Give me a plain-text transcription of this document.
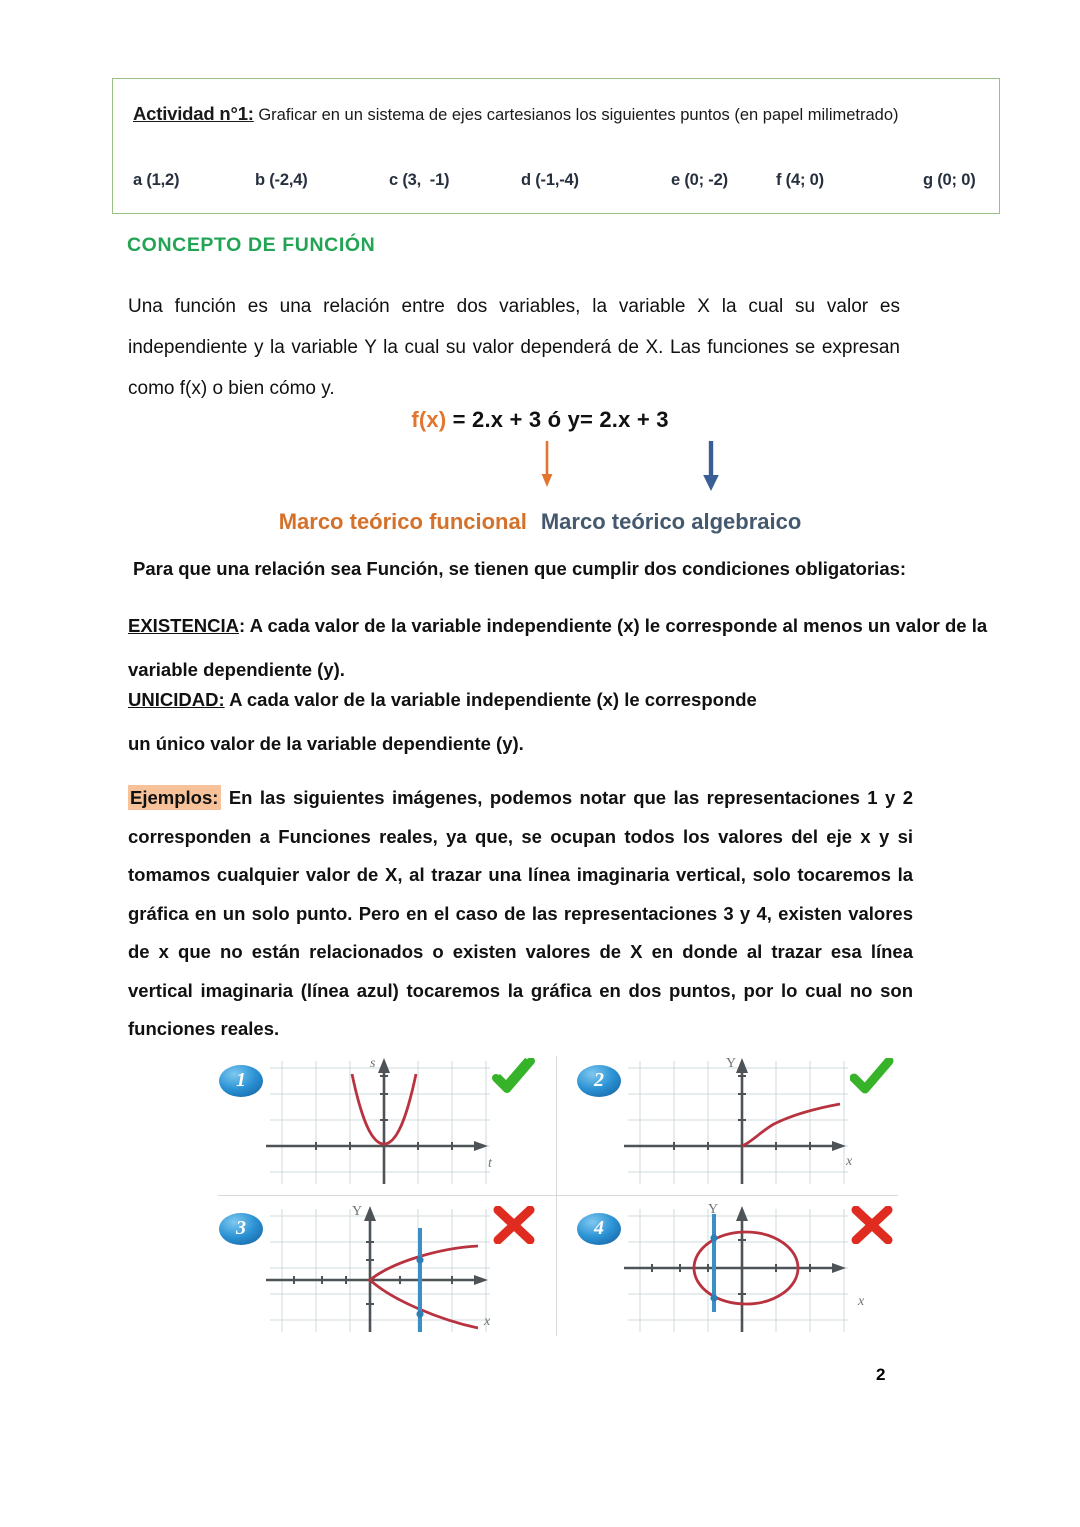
Actividad n°1: Graficar en un sistema de ejes cartesianos los siguientes puntos (en papel milimetrado)
a (1,2)	b (-2,4)	c (3,  -1)	d (-1,-4)	e (0; -2)	f (4; 0)	g (0; 0)
CONCEPTO DE FUNCIÓN
Una función es una relación entre dos variables, la variable X la cual su valor es independiente y la variable Y la cual su valor dependerá de X. Las funciones se expresan como f(x) o bien cómo y.
f(x) = 2.x + 3 ó y= 2.x + 3
Marco teórico funcional Marco teórico algebraico
Para que una relación sea Función, se tienen que cumplir dos condiciones obligatorias:
EXISTENCIA: A cada valor de la variable independiente (x) le corresponde al menos un valor de la variable dependiente (y).
UNICIDAD: A cada valor de la variable independiente (x) le corresponde
un único valor de la variable dependiente (y).
Ejemplos: En las siguientes imágenes, podemos notar que las representaciones 1 y 2 corresponden a Funciones reales, ya que, se ocupan todos los valores del eje x y si tomamos cualquier valor de X, al trazar una línea imaginaria vertical, solo tocaremos la gráfica en un solo punto. Pero en el caso de las representaciones 3 y 4, existen valores de x que no están relacionados o existen valores de X en donde al trazar esa línea vertical imaginaria (línea azul) tocaremos la gráfica en dos puntos, por lo cual no son funciones reales.

1
s
t
2
Y
x
3
Y
x
4
Y
x
2
